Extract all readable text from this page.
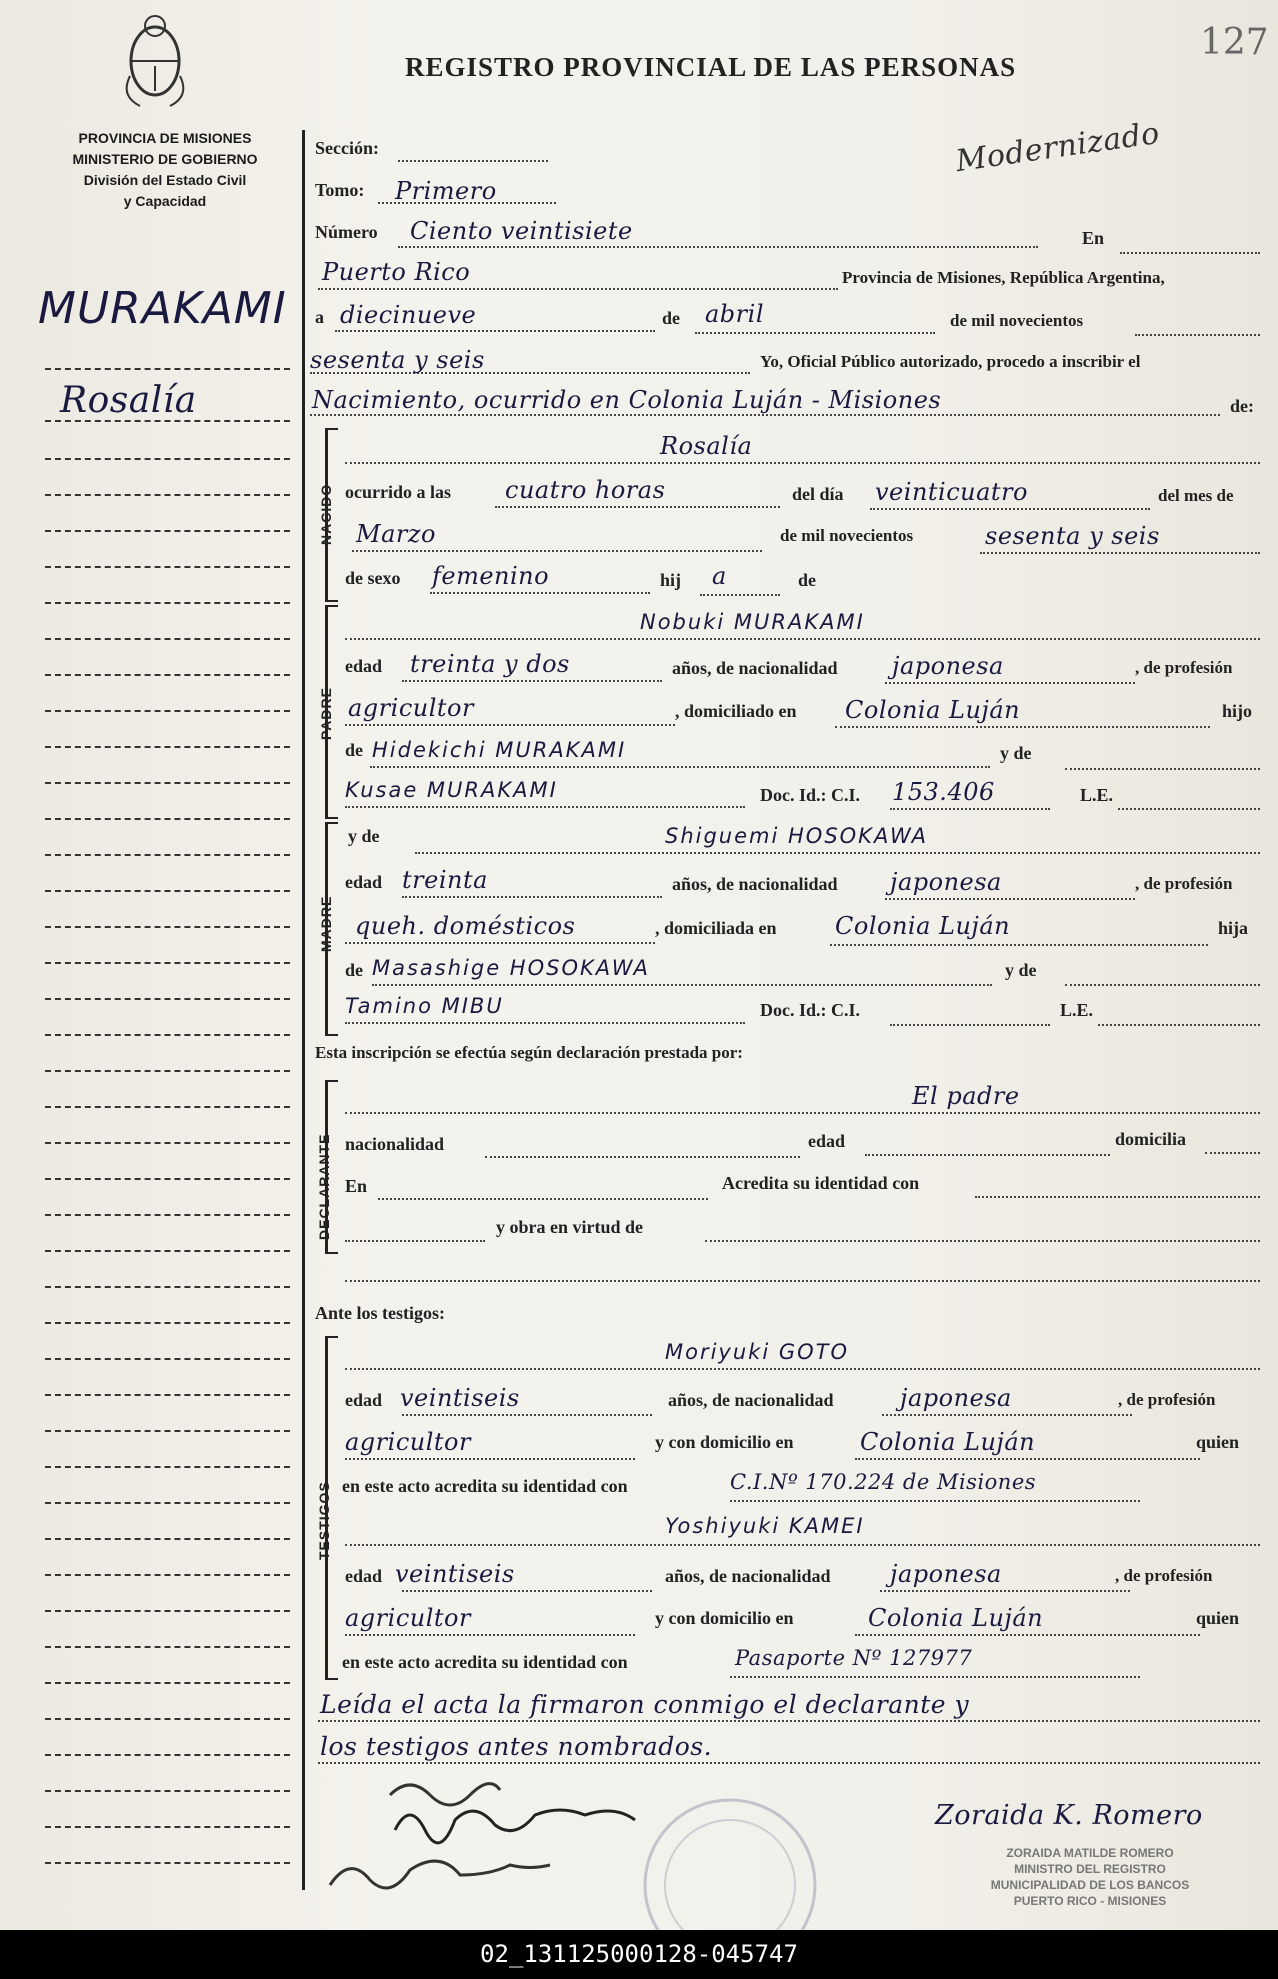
REGISTRO PROVINCIAL DE LAS PERSONAS
127
Modernizado
PROVINCIA DE MISIONES
MINISTERIO DE GOBIERNO
División del Estado Civil
y Capacidad
MURAKAMI
Rosalía
Sección:
Tomo: Primero
Número Ciento veintisiete	En
Puerto Rico	Provincia de Misiones, República Argentina,
a diecinueve	de abril	de mil novecientos
sesenta y seis	Yo, Oficial Público autorizado, procedo a inscribir el
Nacimiento, ocurrido en Colonia Luján - Misiones	de:
NACIDO
Rosalía
ocurrido a las cuatro horas	del día veinticuatro	del mes de
Marzo	de mil novecientos	sesenta y seis
de sexo femenino	hij a	de
PADRE
Nobuki MURAKAMI
edad treinta y dos	años, de nacionalidad japonesa	, de profesión
agricultor	, domiciliado en Colonia Luján	hijo
de Hidekichi MURAKAMI	y de
Kusae MURAKAMI	Doc. Id.: C.I. 153.406	L.E.
MADRE
y de	Shiguemi HOSOKAWA
edad treinta	años, de nacionalidad japonesa	, de profesión
queh. domésticos	, domiciliada en Colonia Luján	hija
de Masashige HOSOKAWA	y de
Tamino MIBU	Doc. Id.: C.I.	L.E.
Esta inscripción se efectúa según declaración prestada por:
DECLARANTE
El padre
nacionalidad	edad	domicilia
En	Acredita su identidad con
y obra en virtud de
Ante los testigos:
TESTIGOS
Moriyuki GOTO
edad veintiseis	años, de nacionalidad	japonesa	, de profesión
agricultor	y con domicilio en	Colonia Luján	quien
en este acto acredita su identidad con	C.I.Nº 170.224 de Misiones
Yoshiyuki KAMEI
edad veintiseis	años, de nacionalidad japonesa	, de profesión
agricultor	y con domicilio en	Colonia Luján	quien
en este acto acredita su identidad con	Pasaporte Nº 127977
Leída el acta la firmaron conmigo el declarante y
los testigos antes nombrados.
Zoraida K. Romero
ZORAIDA MATILDE ROMERO
MINISTRO DEL REGISTRO
MUNICIPALIDAD DE LOS BANCOS
PUERTO RICO - MISIONES
02_131125000128-045747
